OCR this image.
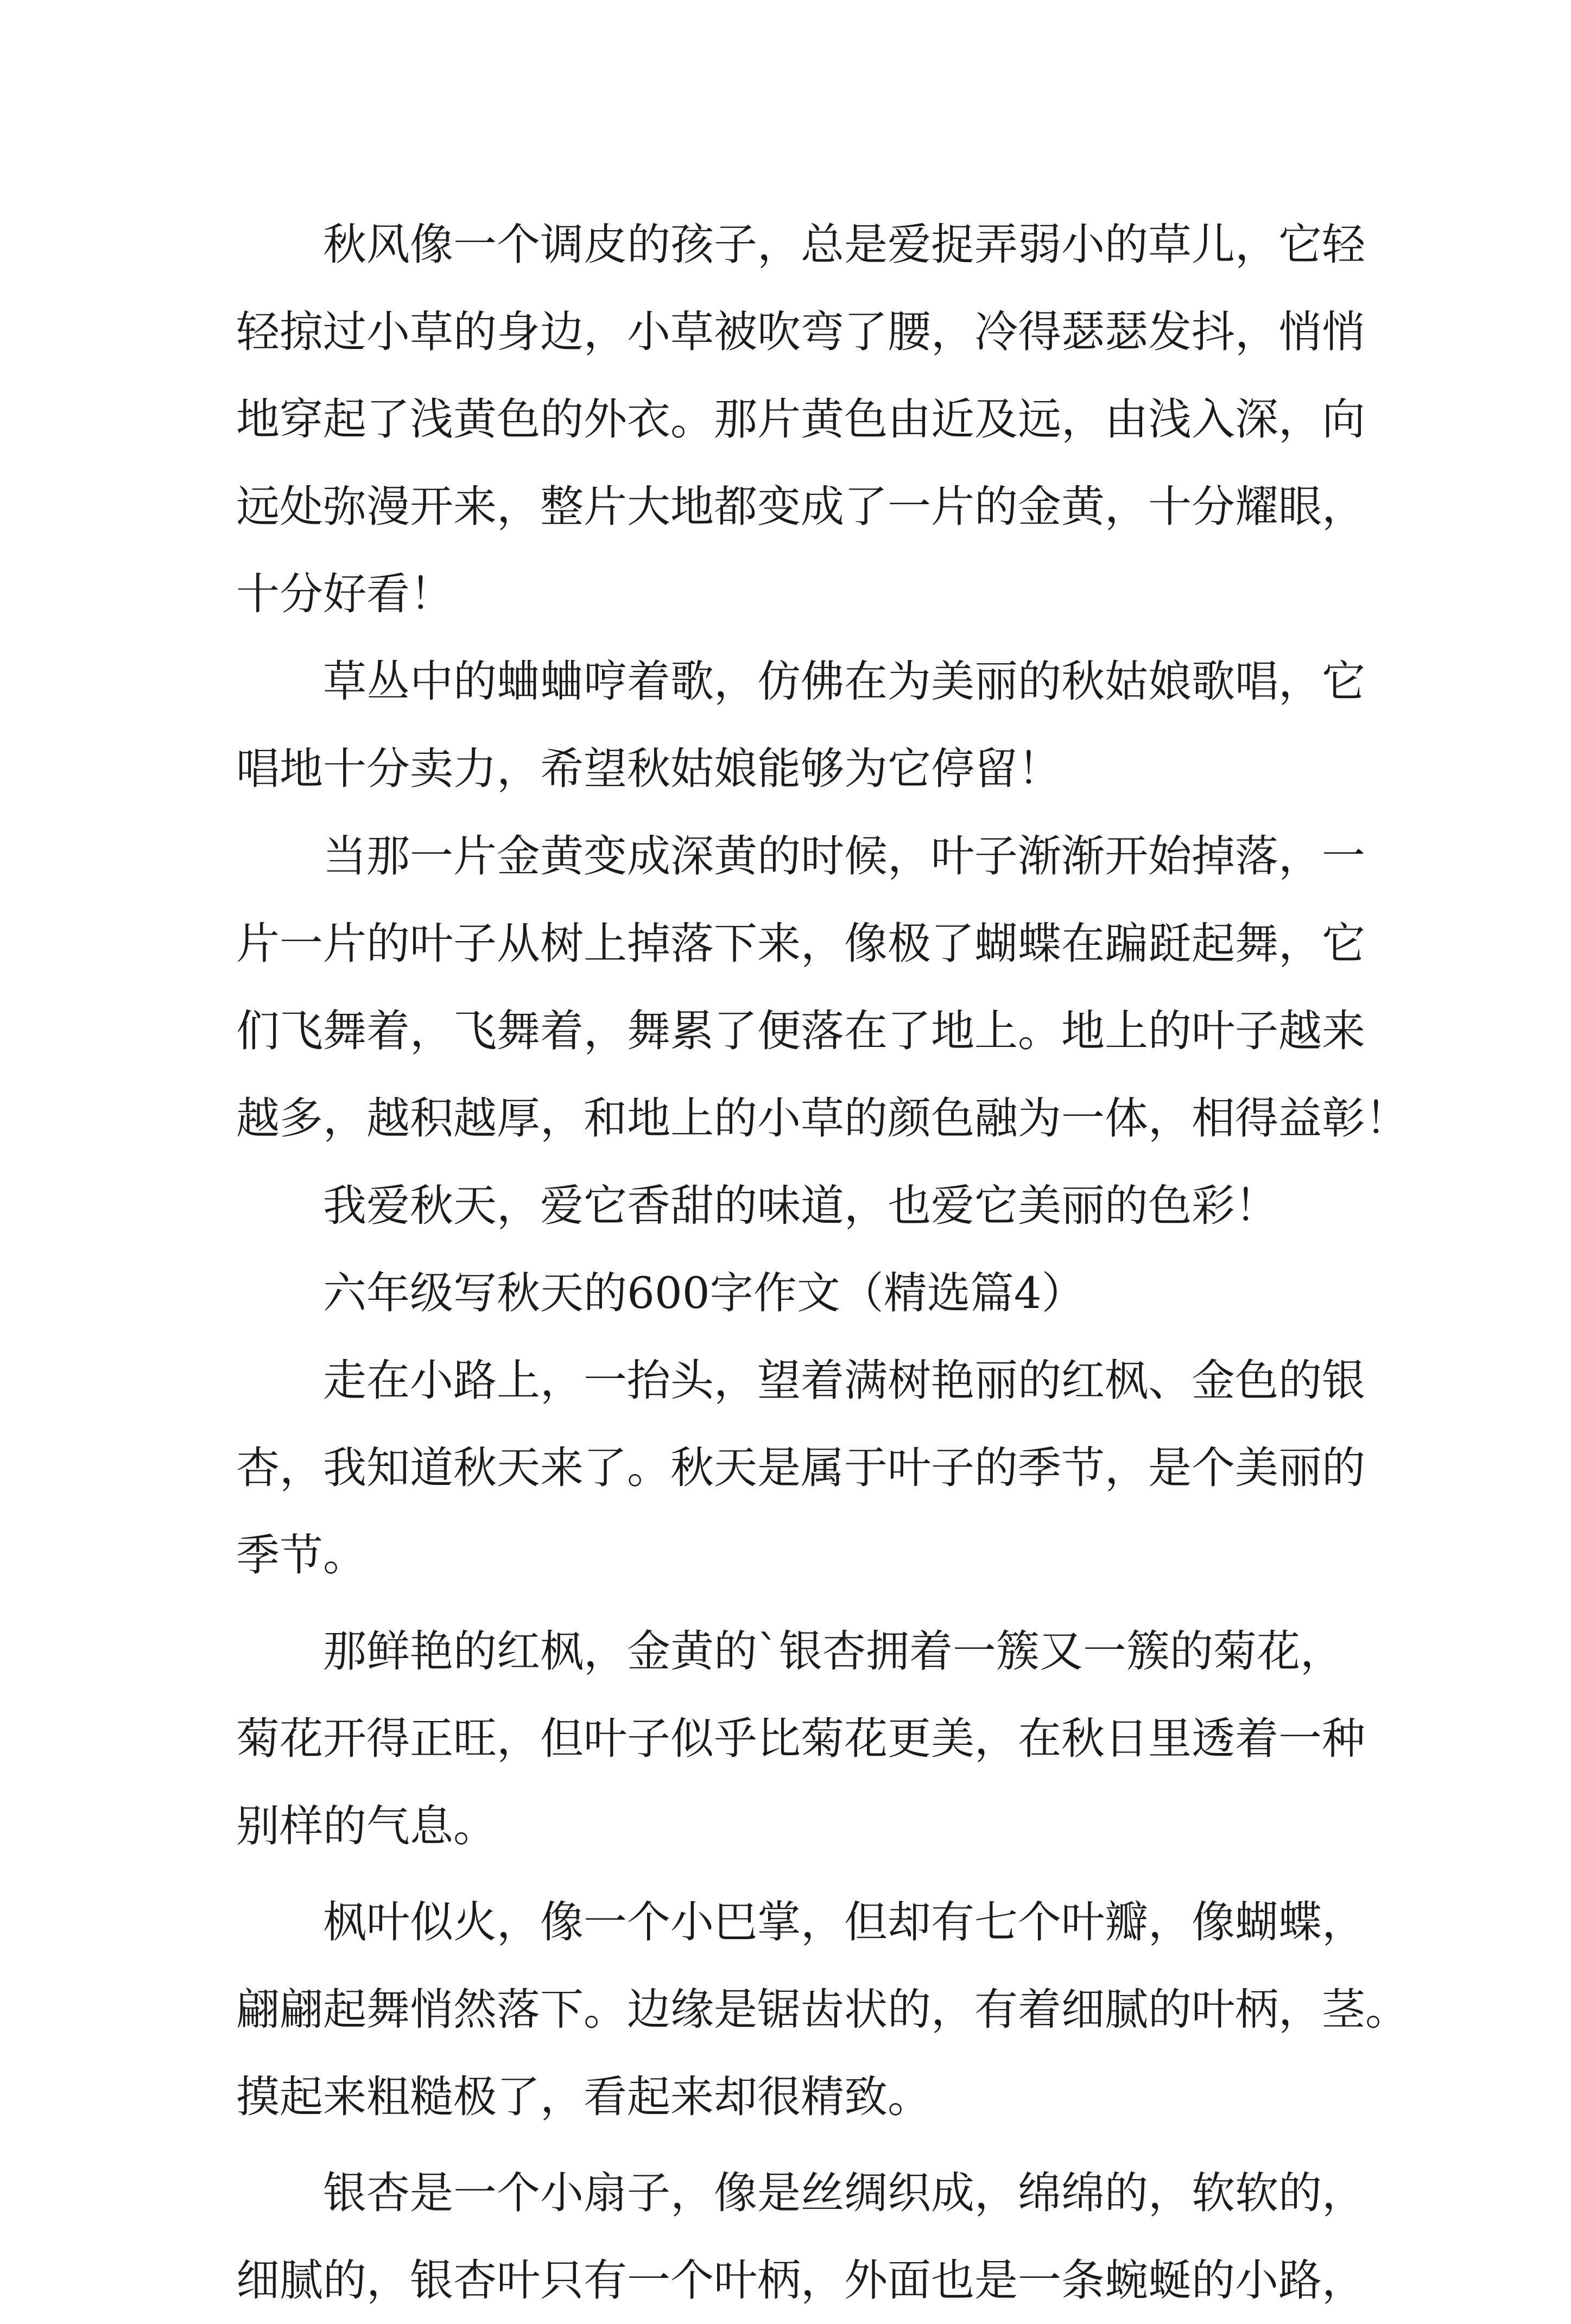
　　秋风像一个调皮的孩子，总是爱捉弄弱小的草儿，它轻
轻掠过小草的身边，小草被吹弯了腰，冷得瑟瑟发抖，悄悄
地穿起了浅黄色的外衣。那片黄色由近及远，由浅入深，向
远处弥漫开来，整片大地都变成了一片的金黄，十分耀眼，
十分好看！
　　草丛中的蛐蛐哼着歌，仿佛在为美丽的秋姑娘歌唱，它
唱地十分卖力，希望秋姑娘能够为它停留！
　　当那一片金黄变成深黄的时候，叶子渐渐开始掉落，一
片一片的叶子从树上掉落下来，像极了蝴蝶在蹁跹起舞，它
们飞舞着，飞舞着，舞累了便落在了地上。地上的叶子越来
越多，越积越厚，和地上的小草的颜色融为一体，相得益彰！
　　我爱秋天，爱它香甜的味道，也爱它美丽的色彩！
　　六年级写秋天的600字作文（精选篇4）
　　走在小路上，一抬头，望着满树艳丽的红枫、金色的银
杏，我知道秋天来了。秋天是属于叶子的季节，是个美丽的
季节。
　　那鲜艳的红枫，金黄的`银杏拥着一簇又一簇的菊花，
菊花开得正旺，但叶子似乎比菊花更美，在秋日里透着一种
别样的气息。
　　枫叶似火，像一个小巴掌，但却有七个叶瓣，像蝴蝶，
翩翩起舞悄然落下。边缘是锯齿状的，有着细腻的叶柄，茎。
摸起来粗糙极了，看起来却很精致。
　　银杏是一个小扇子，像是丝绸织成，绵绵的，软软的，
细腻的，银杏叶只有一个叶柄，外面也是一条蜿蜒的小路，
